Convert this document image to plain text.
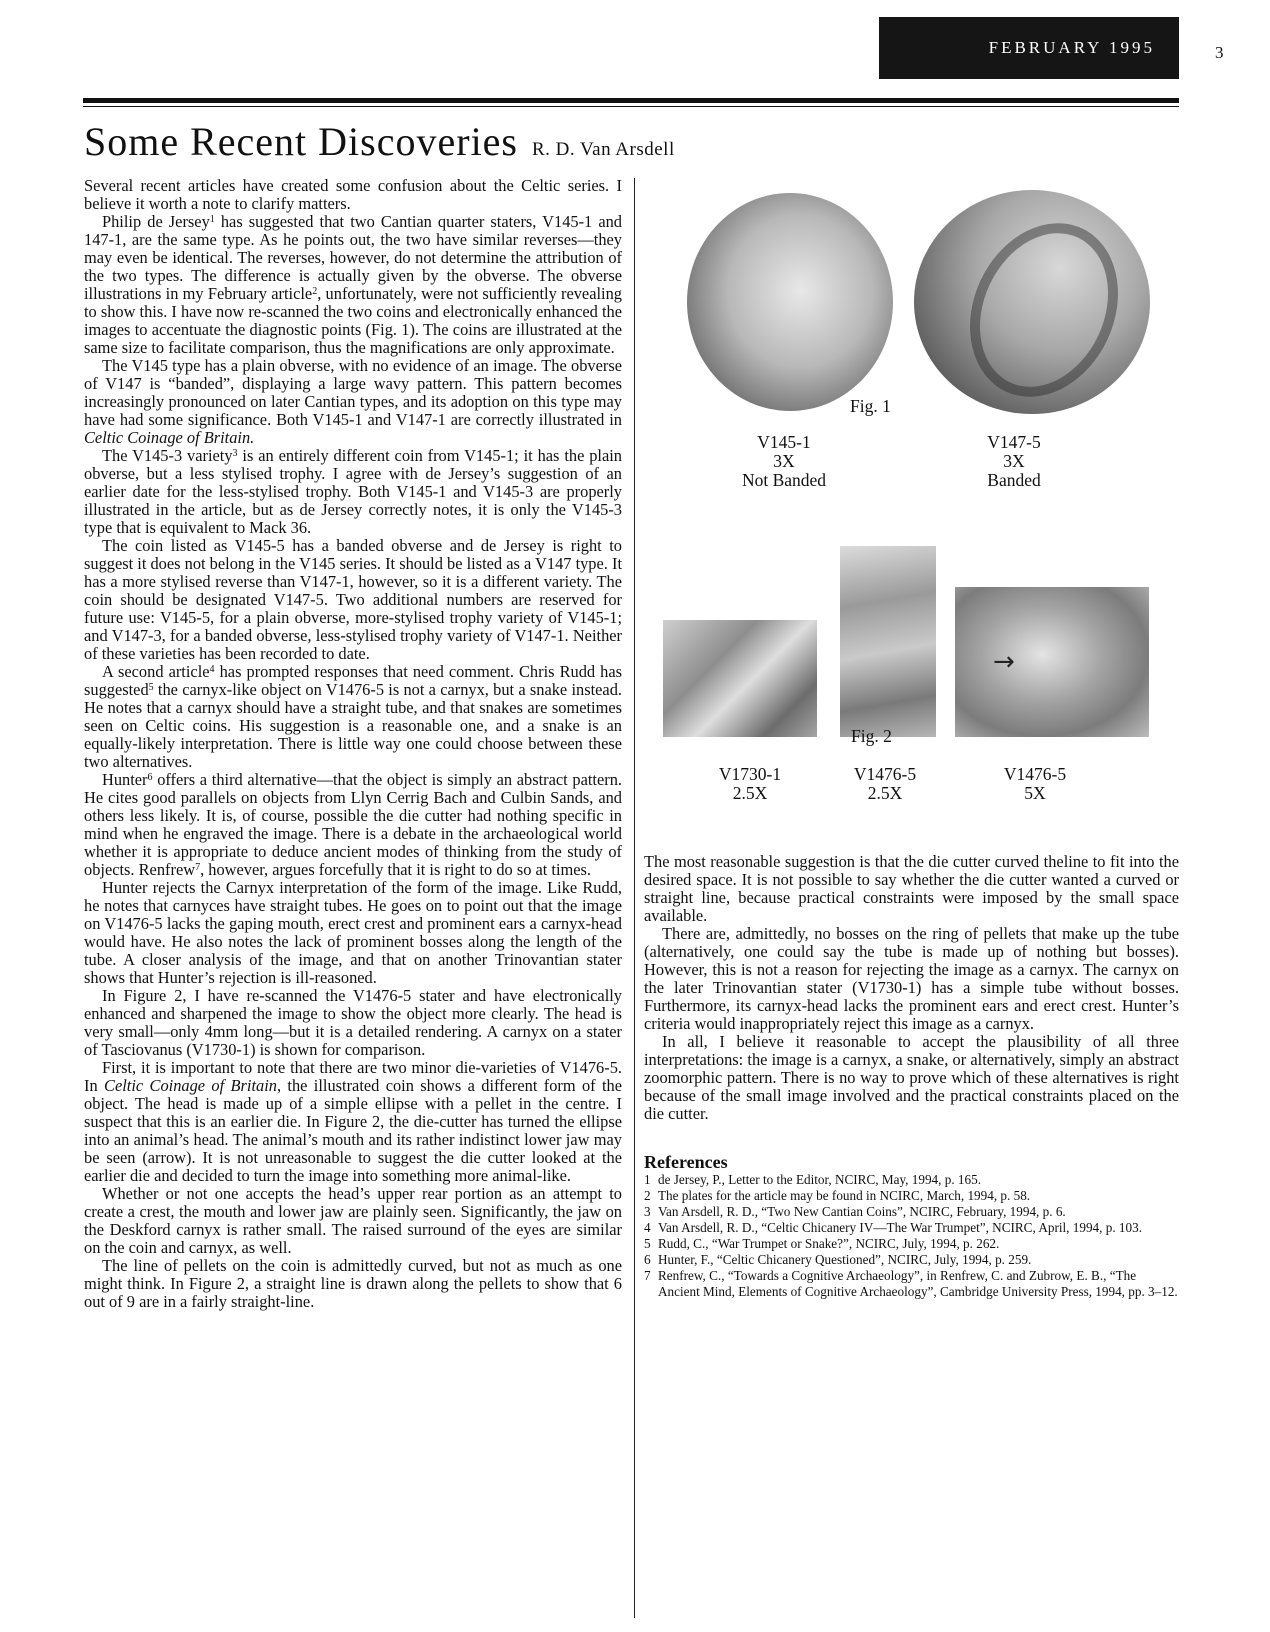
FEBRUARY 1995	3
Some Recent Discoveries R. D. Van Arsdell

Several recent articles have created some confusion about the Celtic series. I believe it worth a note to clarify matters.

Philip de Jersey$^1$ has suggested that two Cantian quarter staters, V145-1 and 147-1, are the same type. As he points out, the two have similar reverses—they may even be identical. The reverses, however, do not determine the attribution of the two types. The difference is actually given by the obverse. The obverse illustrations in my February article$^2$, unfortunately, were not sufficiently revealing to show this. I have now re-scanned the two coins and electronically enhanced the images to accentuate the diagnostic points (Fig. 1). The coins are illustrated at the same size to facilitate comparison, thus the magnifications are only approximate.

The V145 type has a plain obverse, with no evidence of an image. The obverse of V147 is “banded”, displaying a large wavy pattern. This pattern becomes increasingly pronounced on later Cantian types, and its adoption on this type may have had some significance. Both V145-1 and V147-1 are correctly illustrated in Celtic Coinage of Britain.

The V145-3 variety$^3$ is an entirely different coin from V145-1; it has the plain obverse, but a less stylised trophy. I agree with de Jersey’s suggestion of an earlier date for the less-stylised trophy. Both V145-1 and V145-3 are properly illustrated in the article, but as de Jersey correctly notes, it is only the V145-3 type that is equivalent to Mack 36.

The coin listed as V145-5 has a banded obverse and de Jersey is right to suggest it does not belong in the V145 series. It should be listed as a V147 type. It has a more stylised reverse than V147-1, however, so it is a different variety. The coin should be designated V147-5. Two additional numbers are reserved for future use: V145-5, for a plain obverse, more-stylised trophy variety of V145-1; and V147-3, for a banded obverse, less-stylised trophy variety of V147-1. Neither of these varieties has been recorded to date.

A second article$^4$ has prompted responses that need comment. Chris Rudd has suggested$^5$ the carnyx-like object on V1476-5 is not a carnyx, but a snake instead. He notes that a carnyx should have a straight tube, and that snakes are sometimes seen on Celtic coins. His suggestion is a reasonable one, and a snake is an equally-likely interpretation. There is little way one could choose between these two alternatives.

Hunter$^6$ offers a third alternative—that the object is simply an abstract pattern. He cites good parallels on objects from Llyn Cerrig Bach and Culbin Sands, and others less likely. It is, of course, possible the die cutter had nothing specific in mind when he engraved the image. There is a debate in the archaeological world whether it is appropriate to deduce ancient modes of thinking from the study of objects. Renfrew$^7$, however, argues forcefully that it is right to do so at times.

Hunter rejects the Carnyx interpretation of the form of the image. Like Rudd, he notes that carnyces have straight tubes. He goes on to point out that the image on V1476-5 lacks the gaping mouth, erect crest and prominent ears a carnyx-head would have. He also notes the lack of prominent bosses along the length of the tube. A closer analysis of the image, and that on another Trinovantian stater shows that Hunter’s rejection is ill-reasoned.

In Figure 2, I have re-scanned the V1476-5 stater and have electronically enhanced and sharpened the image to show the object more clearly. The head is very small—only 4mm long—but it is a detailed rendering. A carnyx on a stater of Tasciovanus (V1730-1) is shown for comparison.

First, it is important to note that there are two minor die-varieties of V1476-5. In Celtic Coinage of Britain, the illustrated coin shows a different form of the object. The head is made up of a simple ellipse with a pellet in the centre. I suspect that this is an earlier die. In Figure 2, the die-cutter has turned the ellipse into an animal’s head. The animal’s mouth and its rather indistinct lower jaw may be seen (arrow). It is not unreasonable to suggest the die cutter looked at the earlier die and decided to turn the image into something more animal-like.

Whether or not one accepts the head’s upper rear portion as an attempt to create a crest, the mouth and lower jaw are plainly seen. Significantly, the jaw on the Deskford carnyx is rather small. The raised surround of the eyes are similar on the coin and carnyx, as well.

The line of pellets on the coin is admittedly curved, but not as much as one might think. In Figure 2, a straight line is drawn along the pellets to show that 6 out of 9 are in a fairly straight-line.

Fig. 1
V145-1
3X
Not Banded
V147-5
3X
Banded
→
Fig. 2
V1730-1
2.5X
V1476-5
2.5X
V1476-5
5X

The most reasonable suggestion is that the die cutter curved theline to fit into the desired space. It is not possible to say whether the die cutter wanted a curved or straight line, because practical constraints were imposed by the small space available.

There are, admittedly, no bosses on the ring of pellets that make up the tube (alternatively, one could say the tube is made up of nothing but bosses). However, this is not a reason for rejecting the image as a carnyx. The carnyx on the later Trinovantian stater (V1730-1) has a simple tube without bosses. Furthermore, its carnyx-head lacks the prominent ears and erect crest. Hunter’s criteria would inappropriately reject this image as a carnyx.

In all, I believe it reasonable to accept the plausibility of all three interpretations: the image is a carnyx, a snake, or alternatively, simply an abstract zoomorphic pattern. There is no way to prove which of these alternatives is right because of the small image involved and the practical constraints placed on the die cutter.

References
1 de Jersey, P., Letter to the Editor, NCIRC, May, 1994, p. 165.
2 The plates for the article may be found in NCIRC, March, 1994, p. 58.
3 Van Arsdell, R. D., “Two New Cantian Coins”, NCIRC, February, 1994, p. 6.
4 Van Arsdell, R. D., “Celtic Chicanery IV—The War Trumpet”, NCIRC, April, 1994, p. 103.
5 Rudd, C., “War Trumpet or Snake?”, NCIRC, July, 1994, p. 262.
6 Hunter, F., “Celtic Chicanery Questioned”, NCIRC, July, 1994, p. 259.
7 Renfrew, C., “Towards a Cognitive Archaeology”, in Renfrew, C. and Zubrow, E. B., “The Ancient Mind, Elements of Cognitive Archaeology”, Cambridge University Press, 1994, pp. 3–12.
